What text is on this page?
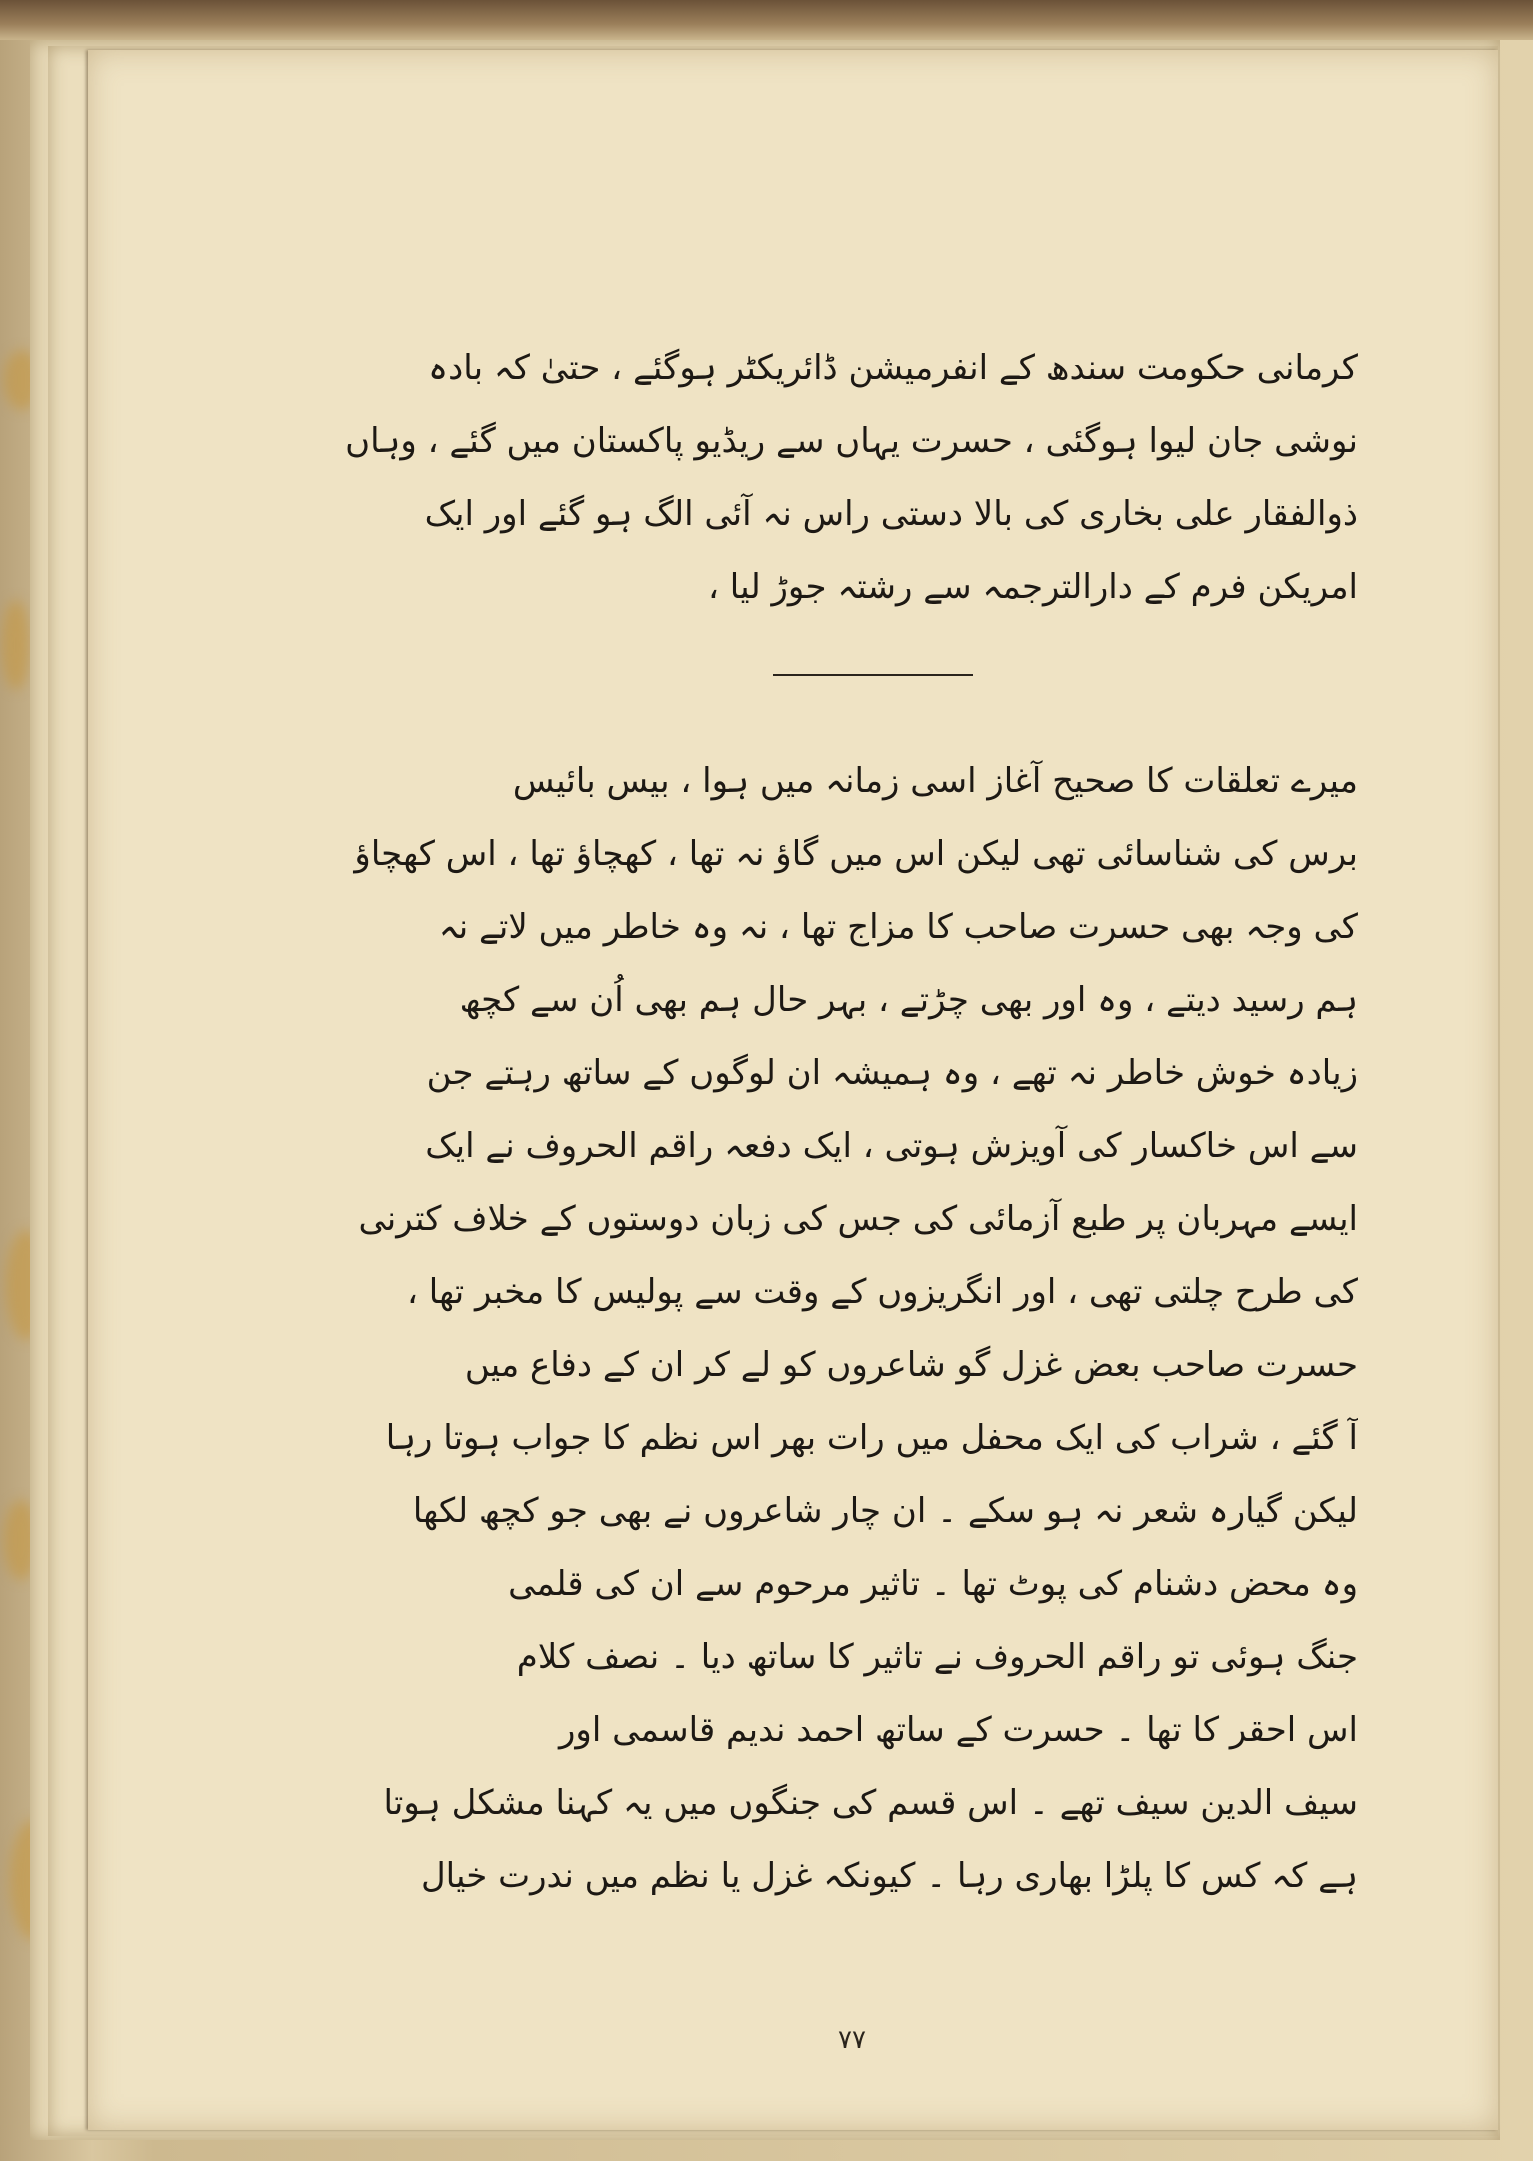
کرمانی حکومت سندھ کے انفرمیشن ڈائریکٹر ہوگئے ، حتیٰ کہ بادہ
نوشی جان لیوا ہوگئی ، حسرت یہاں سے ریڈیو پاکستان میں گئے ، وہاں
ذوالفقار علی بخاری کی بالا دستی راس نہ آئی الگ ہو گئے اور ایک
امریکن فرم کے دارالترجمہ سے رشتہ جوڑ لیا ،
میرے تعلقات کا صحیح آغاز اسی زمانہ میں ہوا ، بیس بائیس
برس کی شناسائی تھی لیکن اس میں گاؤ نہ تھا ، کھچاؤ تھا ، اس کھچاؤ
کی وجہ بھی حسرت صاحب کا مزاج تھا ، نہ وہ خاطر میں لاتے نہ
ہم رسید دیتے ، وہ اور بھی چڑتے ، بہر حال ہم بھی اُن سے کچھ
زیادہ خوش خاطر نہ تھے ، وہ ہمیشہ ان لوگوں کے ساتھ رہتے جن
سے اس خاکسار کی آویزش ہوتی ، ایک دفعہ راقم الحروف نے ایک
ایسے مہربان پر طبع آزمائی کی جس کی زبان دوستوں کے خلاف کترنی
کی طرح چلتی تھی ، اور انگریزوں کے وقت سے پولیس کا مخبر تھا ،
حسرت صاحب بعض غزل گو شاعروں کو لے کر ان کے دفاع میں
آ گئے ، شراب کی ایک محفل میں رات بھر اس نظم کا جواب ہوتا رہا
لیکن گیارہ شعر نہ ہو سکے ۔ ان چار شاعروں نے بھی جو کچھ لکھا
وہ محض دشنام کی پوٹ تھا ۔ تاثیر مرحوم سے ان کی قلمی
جنگ ہوئی تو راقم الحروف نے تاثیر کا ساتھ دیا ۔ نصف کلام
اس احقر کا تھا ۔ حسرت کے ساتھ احمد ندیم قاسمی اور
سیف الدین سیف تھے ۔ اس قسم کی جنگوں میں یہ کہنا مشکل ہوتا
ہے کہ کس کا پلڑا بھاری رہا ۔ کیونکہ غزل یا نظم میں ندرت خیال
۷۷
